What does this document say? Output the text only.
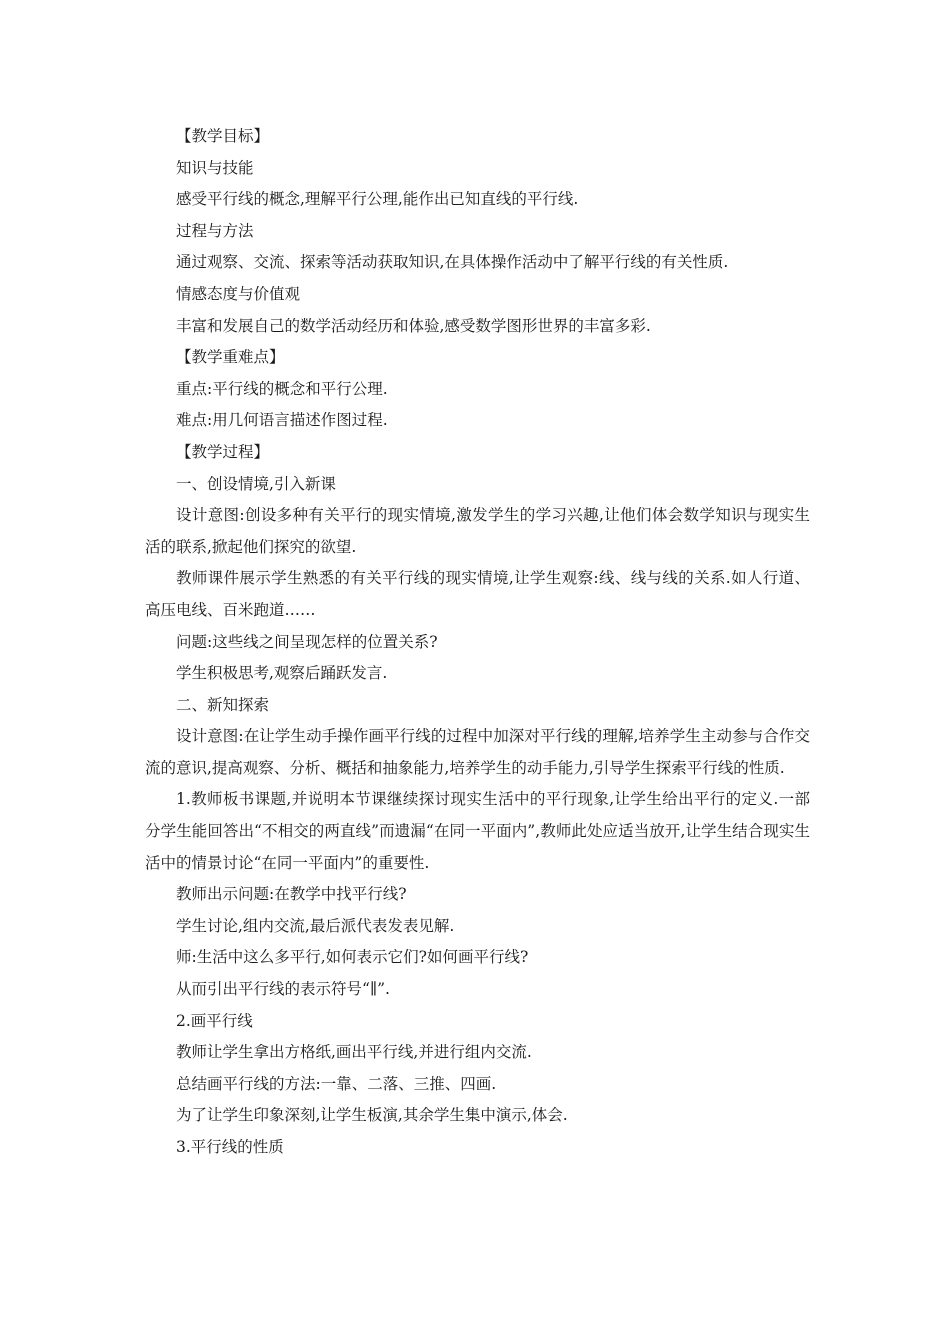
【教学目标】

知识与技能

感受平行线的概念,理解平行公理,能作出已知直线的平行线.

过程与方法

通过观察、交流、探索等活动获取知识,在具体操作活动中了解平行线的有关性质.

情感态度与价值观

丰富和发展自己的数学活动经历和体验,感受数学图形世界的丰富多彩.

【教学重难点】

重点:平行线的概念和平行公理.

难点:用几何语言描述作图过程.

【教学过程】

一、创设情境,引入新课

设计意图:创设多种有关平行的现实情境,激发学生的学习兴趣,让他们体会数学知识与现实生活的联系,掀起他们探究的欲望.

教师课件展示学生熟悉的有关平行线的现实情境,让学生观察:线、线与线的关系.如人行道、高压电线、百米跑道……

问题:这些线之间呈现怎样的位置关系?

学生积极思考,观察后踊跃发言.

二、新知探索

设计意图:在让学生动手操作画平行线的过程中加深对平行线的理解,培养学生主动参与合作交流的意识,提高观察、分析、概括和抽象能力,培养学生的动手能力,引导学生探索平行线的性质.

1.教师板书课题,并说明本节课继续探讨现实生活中的平行现象,让学生给出平行的定义.一部分学生能回答出“不相交的两直线”而遗漏“在同一平面内”,教师此处应适当放开,让学生结合现实生活中的情景讨论“在同一平面内”的重要性.

教师出示问题:在教学中找平行线?

学生讨论,组内交流,最后派代表发表见解.

师:生活中这么多平行,如何表示它们?如何画平行线?

从而引出平行线的表示符号“∥”.

2.画平行线

教师让学生拿出方格纸,画出平行线,并进行组内交流.

总结画平行线的方法:一靠、二落、三推、四画.

为了让学生印象深刻,让学生板演,其余学生集中演示,体会.

3.平行线的性质
